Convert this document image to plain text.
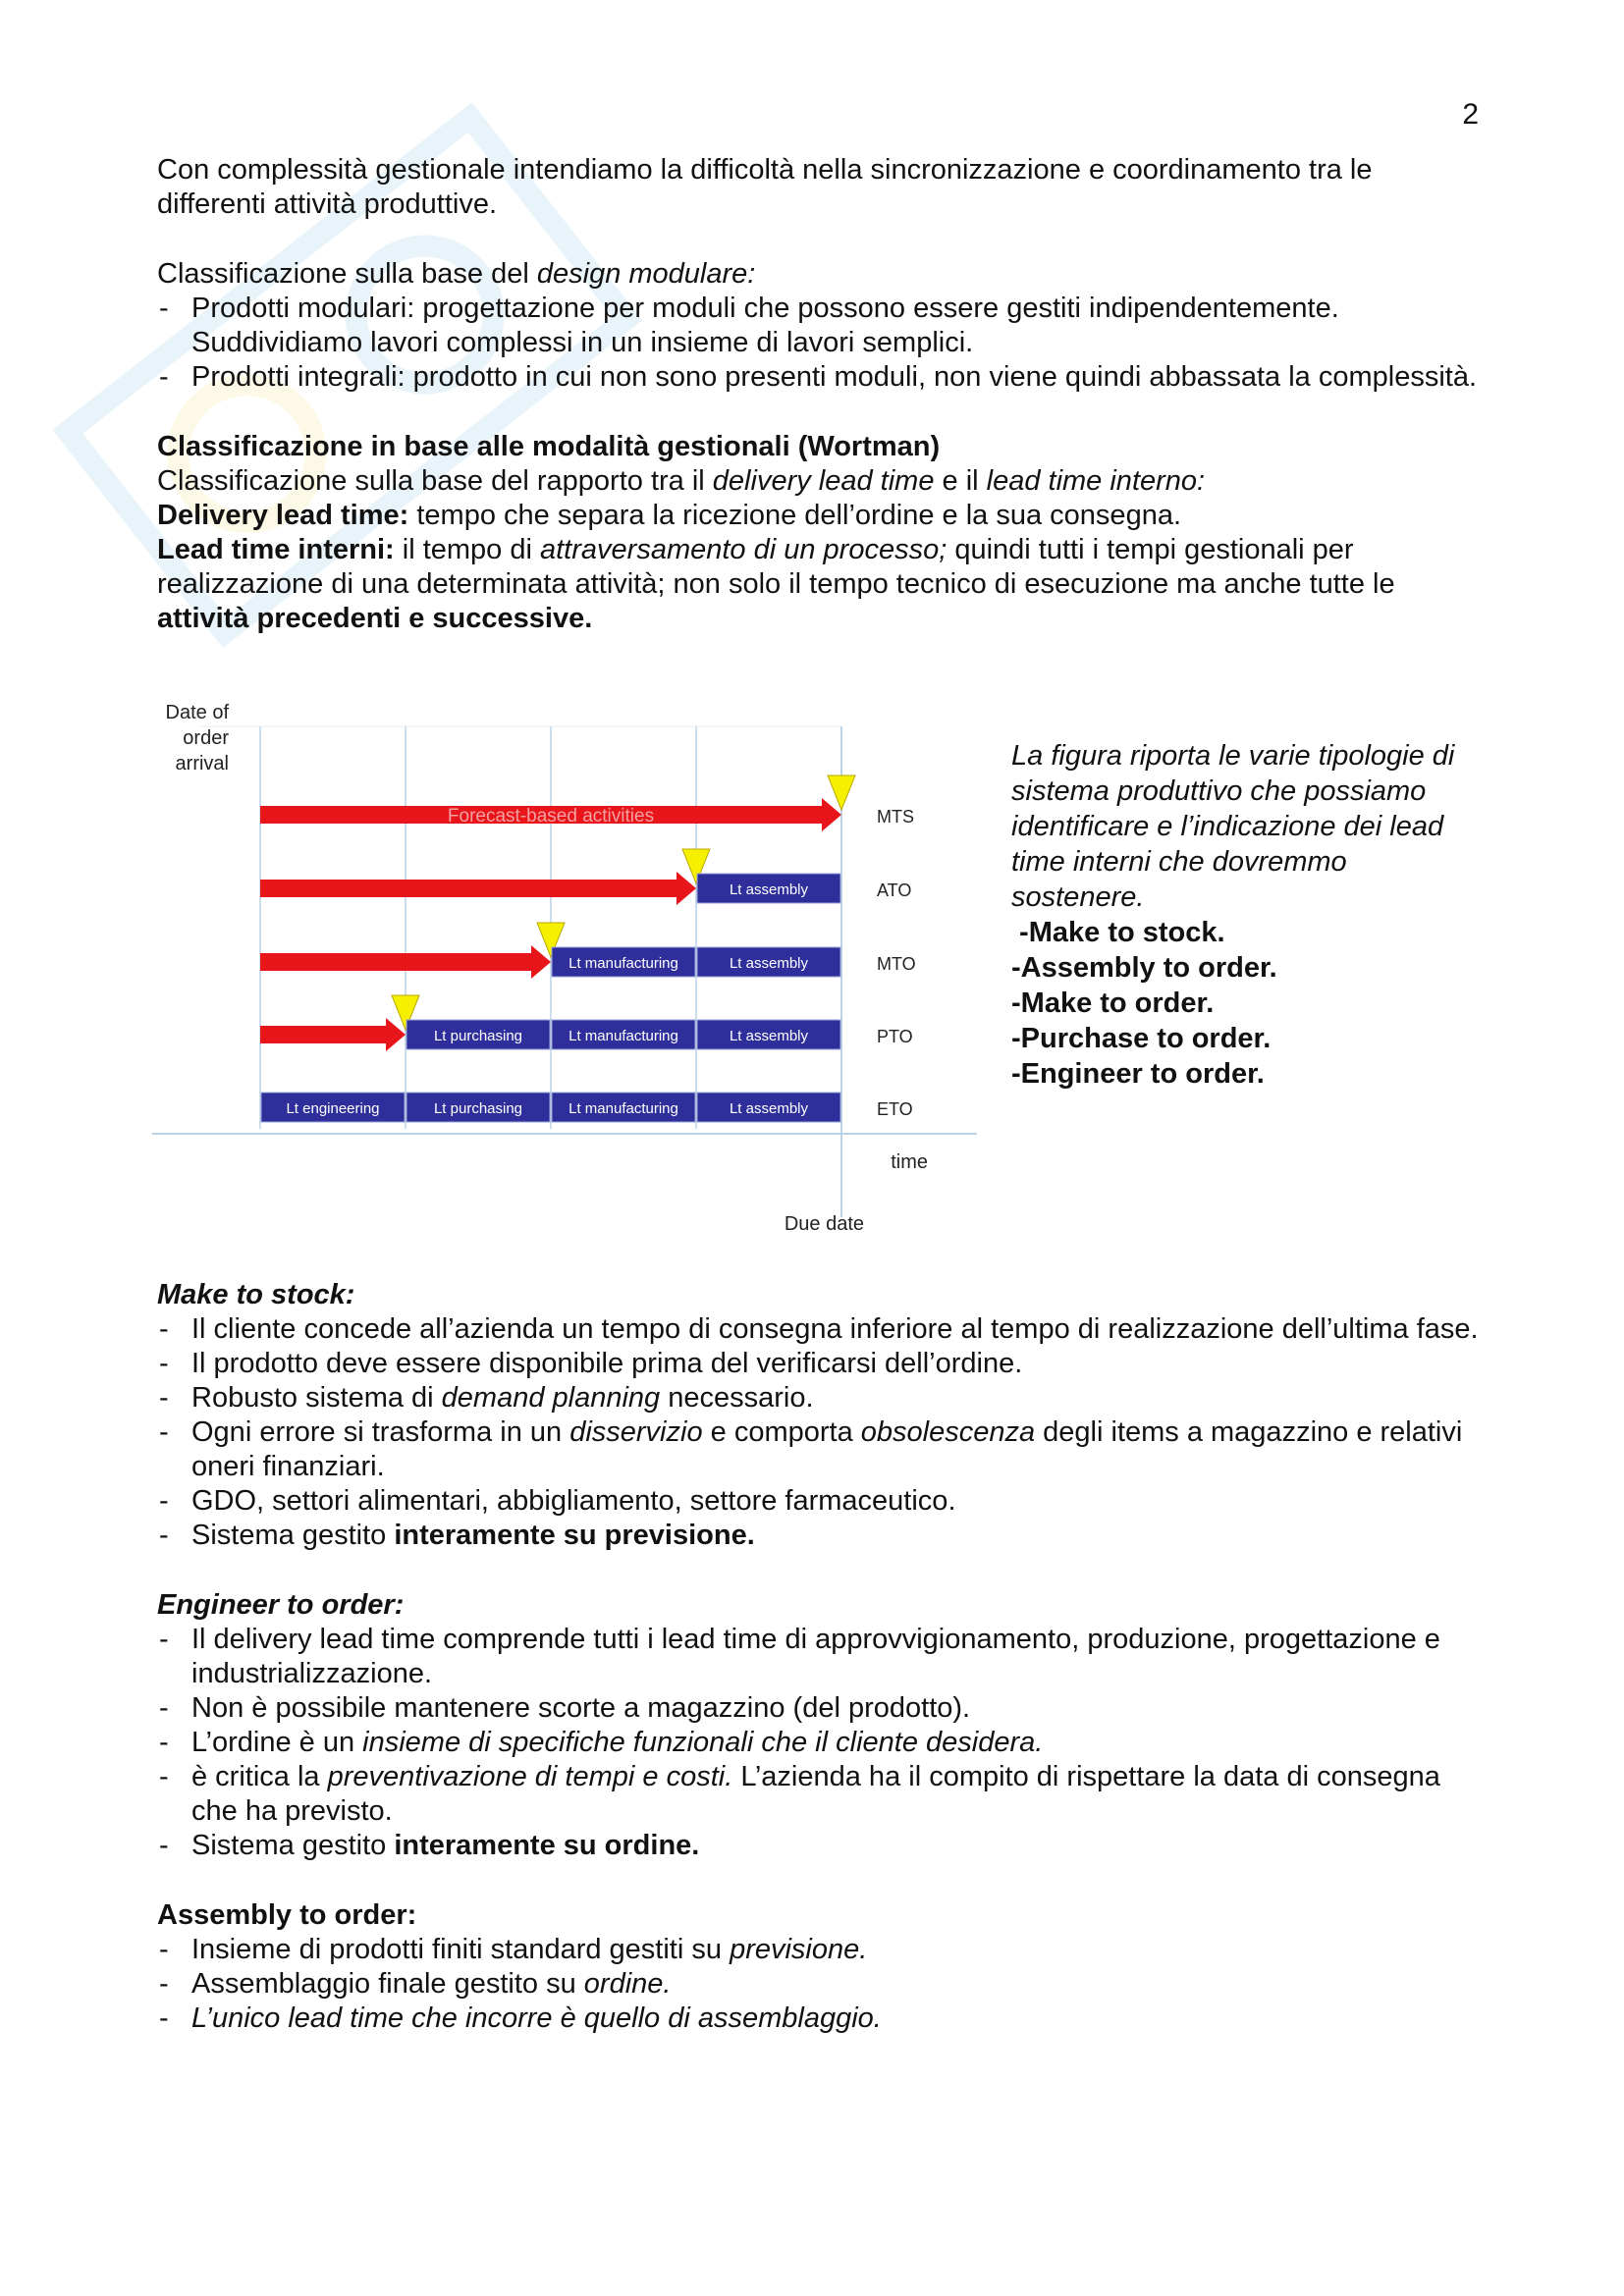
2

Con complessità gestionale intendiamo la difficoltà nella sincronizzazione e coordinamento tra le differenti attività produttive.

Classificazione sulla base del design modulare:

- Prodotti modulari: progettazione per moduli che possono essere gestiti indipendentemente. Suddividiamo lavori complessi in un insieme di lavori semplici.
- Prodotti integrali: prodotto in cui non sono presenti moduli, non viene quindi abbassata la complessità.

Classificazione in base alle modalità gestionali (Wortman)

Classificazione sulla base del rapporto tra il delivery lead time e il lead time interno:

Delivery lead time: tempo che separa la ricezione dell’ordine e la sua consegna.

Lead time interni: il tempo di attraversamento di un processo; quindi tutti i tempi gestionali per realizzazione di una determinata attività; non solo il tempo tecnico di esecuzione ma anche tutte le attività precedenti e successive.

Date of
order
arrival
time
Due date
Forecast-based activities	MTS
Lt assembly	ATO
Lt manufacturing	Lt assembly	MTO
Lt purchasing	Lt manufacturing	Lt assembly	PTO
Lt engineering	Lt purchasing	Lt manufacturing	Lt assembly	ETO
La figura riporta le varie tipologie di sistema produttivo che possiamo identificare e l’indicazione dei lead time interni che dovremmo sostenere.
-Make to stock.
-Assembly to order.
-Make to order.
-Purchase to order.
-Engineer to order.

Make to stock:

- Il cliente concede all’azienda un tempo di consegna inferiore al tempo di realizzazione dell’ultima fase.
- Il prodotto deve essere disponibile prima del verificarsi dell’ordine.
- Robusto sistema di demand planning necessario.
- Ogni errore si trasforma in un disservizio e comporta obsolescenza degli items a magazzino e relativi oneri finanziari.
- GDO, settori alimentari, abbigliamento, settore farmaceutico.
- Sistema gestito interamente su previsione.

Engineer to order:

- Il delivery lead time comprende tutti i lead time di approvvigionamento, produzione, progettazione e industrializzazione.
- Non è possibile mantenere scorte a magazzino (del prodotto).
- L’ordine è un insieme di specifiche funzionali che il cliente desidera.
- è critica la preventivazione di tempi e costi. L’azienda ha il compito di rispettare la data di consegna che ha previsto.
- Sistema gestito interamente su ordine.

Assembly to order:

- Insieme di prodotti finiti standard gestiti su previsione.
- Assemblaggio finale gestito su ordine.
- L’unico lead time che incorre è quello di assemblaggio.
